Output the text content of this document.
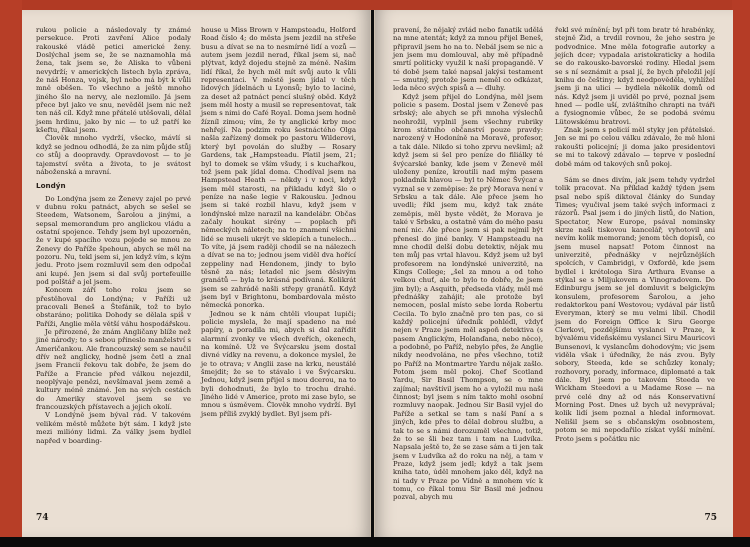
rukou policie a následovaly ty známé persekuce. Proti zavření Alice podaly rakouské vládě petici americké ženy. Doslýchal jsem se, že se naznamohla má žena, tak jsem se, že Aliska to vůbeni nevydrží; v amerických listech byla zpráva, že náš Honza, vojsk, byl nebo má být k vůli mně oběšen. To všechno a ještě mnoho jiného šlo na nervy, ale nezlomilo. Já jsem přece byl jako ve snu, nevěděl jsem nic než ten náš cíl. Když mne přátelé utěšovali, dělal jsem hrdinu, jako by nic — to už patří ke kšeftu, říkal jsem.

Člověk mnoho vydrží, všecko, mávlí si když se jednou odhodlá, že za nim půjde stůj co stůj a doopravdy. Opravdovost — to je tajemství světa a života, to je svátost náboženská a mravní.

Londýn

Do Londýna jsem ze Ženevy zajel po prvé v dubnu roku patnáct, abych se sešel se Steedem, Watsonem, Šarolou a jinými, a sepsal memorandum pro anglickou vládu a ostatní spojence. Tehdy jsem byl upozorněn, že v kupé spacího vozu pojede se mnou ze Ženevy do Paříže špehoun, abych se měl na pozoru. Nu, tekl jsem si, jen když vím, s kým jedu. Proto jsem rozmluvil sem den odpočal ani kupé. Jen jsem si dal svůj portefeuille pod polštář a jel jsem.

Koncem září toho roku jsem se přestěhoval do Londýna; v Paříži už pracovali Beneš a Štefánik, tož to bylo obstaráno; politika Dohody se dělala spíš v Paříži, Anglie měla větší váhu hospodářskou.

Je přirozené, že znám Angličany blíže než jiné národy; to s sebou přineslo manželství s Američankou. Ale francouzský sem se naučil dřív než anglicky, hodně jsem četl a znal jsem Francii řekovu tak dobře, že jsem do Paříže a Francie před válkou nejezdil, neoplývaje penězi, nevšímaval jsem země a kultury méně známé. Jen na svých cestách do Ameriky stavovel jsem se ve francouzských přístavech a jejich okolí.

V Londýně jsem býval rád. V takovém velikém městě můžete být sám. I když jste mezi milióny lidmi. Za války jsem bydlel napřed v boarding-

house u Miss Brown v Hampsteadu, Holford Road číslo 4; do města jsem jezdil na střeše busu a dívat se na to nesmírné lidí a vozů — autem jsem jezdil nerad, říkal jsem si, nač plýtvat, když dojedu stejně za méně. Našim lidí říkal, že bych měl mít svůj auto k vůli representaci. V městě jsem jídal v těch lidových jídelnách u Lyonsů; bylo to laciné, za deset až patnáct pencí slušný oběd. Když jsem měl hosty a musil se representovat, tak jsem s nimi do Café Royal. Doma jsem hodně žízníl zimou; vím, že ty anglické krby moc nehřejí. Na podzim roku šestnáctého Olga našla zařízený domek po pastoru Wilderovi, který byl povolán do služby — Rosary Gardens, tak „Hampsteadu. Platil jsem, 21; byl to domek se vším všudy, i s kuchařkou, tož jsem pak jídal doma. Chodíval jsem na Hampstead Heath — někdy i v noci, když jsem měl starosti, na přikladu když šlo o peníze na naše legie v Rakousku. Jednou jsem si také rozbil hlavu, když jsem v londýnské mlze narazil na kandelábr. Občas začaly houkat sirény — poplach při německých náletech; na to znamení všichni lidé se museli ukrýt ve sklepích a tunelech... To víte, já jsem raději chodil se na nálezech a dívat se na to; jednou jsem viděl dva hořící zeppeliny nad Hendonem, jindy to bylo těsně za nás; letadel nic jsem děsivým granátů — byla to krásná podívaná. Kolikrát jsem se zahrádě našli střepy granátů. Když jsem byl v Brightonu, bombardovala město německá ponorka.

Jednou se k nám chtěli vloupat lupiči; policie myslela, že mají spadeno na mé papíry, a poradila mi, abych si dal zařídit alarmní zvonky ve všech dveřích, okenech, na komíně. Už ve Švýcarsku jsem dostal divné vídky na revenu, a dokonce myslel, že je to otrava; v Anglii zase na krku, neustálé šmejdit; že se to stávalo i ve Švýcarsku. Jednou, když jsem přijel s mou dcerou, na to byli dohodnuti, že bylo to trochu drahé. Jiného lidé v Americe, proto mi zase bylo, se mnou s úsměvem. Člověk mnoho vydrží. Byl jsem příliš zvyklý bydlet. Byl jsem při-

74

pravení, že nějaký zvlád nebo fanatik udělá na mne atentát; když za mnou přijel Beneš, připravil jsem ho na to. Nebál jsem se nic a jen jsem mu domlouval, aby mě případně smrtí politicky využil k naší propagandě. V té době jsem také napsal jakýsi testament — smutný, protože jsem neměl co odkázat, leda něco svých spisů a — dluhy.

Když jsem přijel do Londýna, měl jsem policie s pasem. Dostal jsem v Ženevě pas srbský; ale abych se při mnoha výslechů neohrožil, vyplnil jsem všechny rubriky krom státního občanství pouze pravdy: narozený v Hodoníně na Moravě, profesor, a tak dále. Nikdo si toho zprvu nevšiml; až když jsem si šel pro peníze do filiálky té švýcarské banky, kde jsem v Ženevě měl uloženy peníze, kroutili nad mým pasem pokladník hlavou — byl to Němec Švýcar a vyznal se v zeměpise: že prý Morava není v Srbsku a tak dále. Ale přece jsem ho uvedli; říkl jsem mu, když tak znáte zeměpis, měl byste vědět, že Morava je také v Srbsku, a ostatně vám do mého pasu není nic. Ale přece jsem si pak nejmil být přenesl do jiné banky. V Hampsteadu na mne chodil delší dobu detektiv, nějak mu ten můj pas vrtal hlavou. Když jsem už byl profesorem na londýnské univerzitě, na Kings College; „šel za mnou a od toho velkou chuť, ale to bylo to dobře, že jsem jim byl); a Asquith, předseda vlády, měl mé přednášky zahájit; ale protože byl nemocen, poslal místo sebe lorda Robertu Cecila. To bylo značně pro ten pas, co si každý policejní úředník pohlédl, vždyť nejen v Praze jsem měl aspoň detektiva (s pasem Anglickým, Holanďana, nebo něco), a podobně, po Paříž, nebylo přes, že Anglie nikdy neodvolána, ne přes všechno, totiž po Paříž na Montmartre Yardu nějak zašlo. Potom jsem měl pokoj. Chef Scotland Yardu, Sir Basil Thompson, se o mne zajímal; navštívil jsem ho a vyložil mu naši činnost; byl jsem s ním takto mohl osobní rozmluvy naopak. Jednou Sir Basil vyjel do Paříže a setkal se tam s naší Paní a s jiných, kde přes to dělal dobrou službu, a tak to se s námi dorozuměl všechno, totiž, že to se šli bez tam i tam na Ludvíka. Napsala ještě to, že se zase sám a ti jen tak jsem v Ludvíka až do roku na něj, a tam v Praze, když jsem jedl; když a tak jsem kniha tato, úděl mnohem jako děl, když na ni tady v Praze po Vídně a mnohem víc k tomu, co říkal tomu Sir Basil mé jednou pozval, abych mu

řekl své mínění; byl při tom bratr té hrabénky, stejně Žid, a trvdil rovnou, že jeho sestra je podvodnice. Mne měla fotografie autorky a jejích dcer; vypadala aristokraticky a hodila se do rakousko-bavorské rodiny. Hledal jsem se s ní seznámit a psal jí, že bych přeložil její knihu do češtiny; když neodpověděla, vyhlížel jsem ji na ulici — bydlela několik domů od nás. Když jsem ji uviděl po prvé, poznal jsem hned — podle uší, zvláštního chrapti na tváři a fysiognomie vůbec, že se podobá svému Lütowskému bratrovi.

Znak jsem s policií měl styky jen přátelské. Jen se mi po celou válku zdávalo, že mě hloni rakoušti policejní; ji doma jako presidentovi se mi to takový zdávalo — teprve v poslední době mám od takových snů pokoj.

Sám se dnes divím, jak jsem tehdy vydržel tolik pracovat. Na příklad každý týden jsem psal nebo spíš diktoval články do Sunday Times; vyučival jsem také svých informaci z rázorů. Psal jsem i do jiných listů, do Nation, Spectator, New Europe, psával nominsky skrze naši tiskovou kancelář, vyhotovil ani nevím kolik memorand; jenom těch dopisů, co jsem musel napsat! Potom činnost na univerzitě, přednášky v nejrůznějších spolcích, v Cambridgi, v Oxfordě, kde jsem bydlel i krétologa Sira Arthura Evanse a stýkal se s Miljukovem a Vinogradovem. Do Edinburgu jsem se jel domluvit s belgickým konsulem, profesorem Šarolou, a jeho redaktorkou paní Westovou; vydával pár listů Everyman, který se mu velmi líbil. Chodil jsem do Foreign Office k Siru George Clerkovi, pozdějšímu vyslanci v Praze, k bývalému vídeňskému vyslanci Siru Mauricovi Bunsenovi, k vyslancům dohodovým; vic jsem viděla však i úředníky, že nás zvou. Byly sobory, Steeda, kde se schůzky konaly; rozhovory, porady, informace, diplomaté a tak dále. Byl jsem po takovém Steeda ve Wickham Steedovi a u Madame Rose — na prvé celé dny až od nás Konservativní Morning Post. Dnes už bych už nevyprával; kolik lidí jsem poznal a hledal informovat. Nelišil jsem se s občanským osobnostem, potom se mi nepodařilo získat vyšší mínění. Proto jsem s počátku nic

75
